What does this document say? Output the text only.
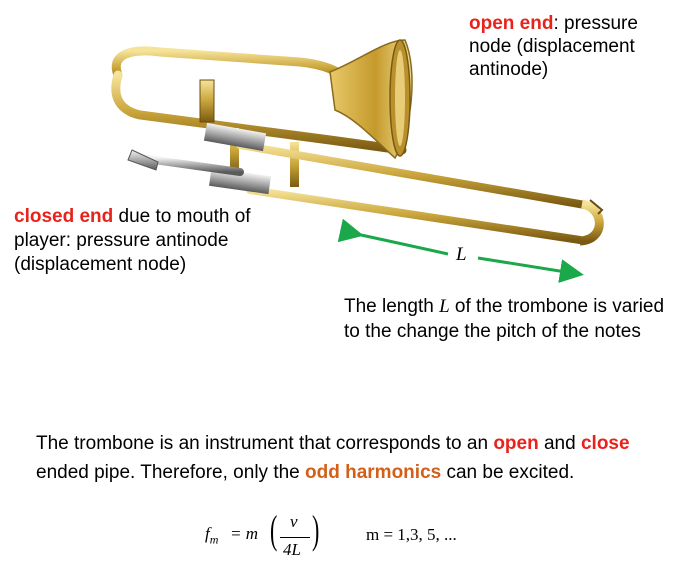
L
open end: pressure node (displacement antinode)
closed end due to mouth of player: pressure antinode (displacement node)
The length L of the trombone is varied to the change the pitch of the notes
The trombone is an instrument that corresponds to an open and close ended pipe. Therefore, only the odd harmonics can be excited.
$f_m = m$ ( v
4L )	m = 1,3, 5, ...
